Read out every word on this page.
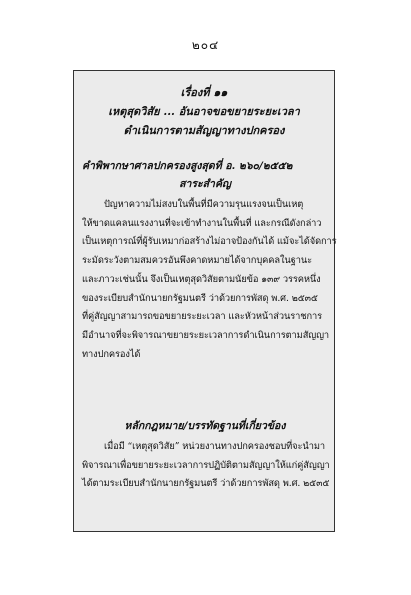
๒๐๔
เรื่องที่ ๑๑
เหตุสุดวิสัย ... อันอาจขอขยายระยะเวลา
ดำเนินการตามสัญญาทางปกครอง
คำพิพากษาศาลปกครองสูงสุดที่ อ. ๒๖๐/๒๕๕๒
สาระสำคัญ
ปัญหาความไม่สงบในพื้นที่มีความรุนแรงจนเป็นเหตุ
ให้ขาดแคลนแรงงานที่จะเข้าทำงานในพื้นที่ และกรณีดังกล่าว
เป็นเหตุการณ์ที่ผู้รับเหมาก่อสร้างไม่อาจป้องกันได้ แม้จะได้จัดการ
ระมัดระวังตามสมควรอันพึงคาดหมายได้จากบุคคลในฐานะ
และภาวะเช่นนั้น จึงเป็นเหตุสุดวิสัยตามนัยข้อ ๑๓๙ วรรคหนึ่ง
ของระเบียบสำนักนายกรัฐมนตรี ว่าด้วยการพัสดุ พ.ศ. ๒๕๓๕
ที่คู่สัญญาสามารถขอขยายระยะเวลา และหัวหน้าส่วนราชการ
มีอำนาจที่จะพิจารณาขยายระยะเวลาการดำเนินการตามสัญญา
ทางปกครองได้
หลักกฎหมาย/บรรทัดฐานที่เกี่ยวข้อง
เมื่อมี “เหตุสุดวิสัย” หน่วยงานทางปกครองชอบที่จะนำมา
พิจารณาเพื่อขยายระยะเวลาการปฏิบัติตามสัญญาให้แก่คู่สัญญา
ได้ตามระเบียบสำนักนายกรัฐมนตรี ว่าด้วยการพัสดุ พ.ศ. ๒๕๓๕
